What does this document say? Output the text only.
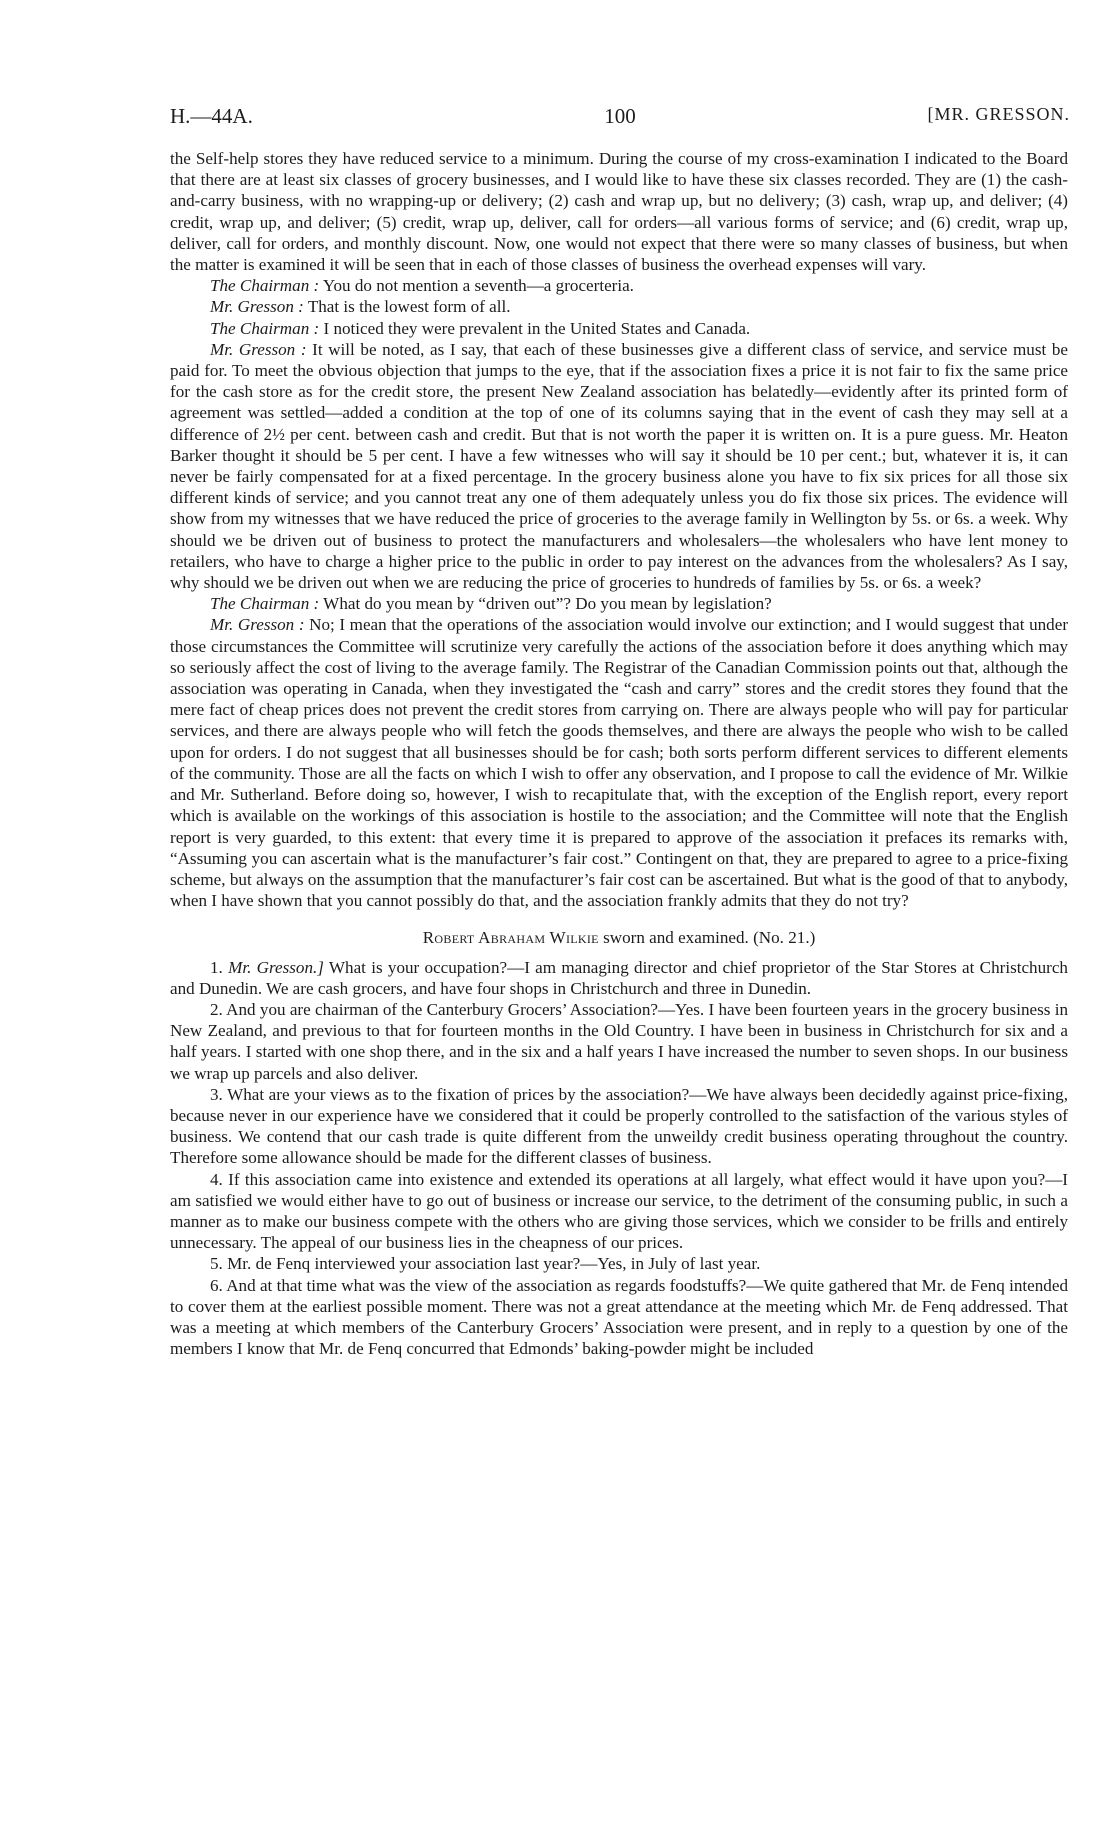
H.—44A.	100	[MR. GRESSON.

the Self-help stores they have reduced service to a minimum. During the course of my cross-examination I indicated to the Board that there are at least six classes of grocery businesses, and I would like to have these six classes recorded. They are (1) the cash-and-carry business, with no wrapping-up or delivery; (2) cash and wrap up, but no delivery; (3) cash, wrap up, and deliver; (4) credit, wrap up, and deliver; (5) credit, wrap up, deliver, call for orders—all various forms of service; and (6) credit, wrap up, deliver, call for orders, and monthly discount. Now, one would not expect that there were so many classes of business, but when the matter is examined it will be seen that in each of those classes of business the overhead expenses will vary.

The Chairman : You do not mention a seventh—a grocerteria.

Mr. Gresson : That is the lowest form of all.

The Chairman : I noticed they were prevalent in the United States and Canada.

Mr. Gresson : It will be noted, as I say, that each of these businesses give a different class of service, and service must be paid for. To meet the obvious objection that jumps to the eye, that if the association fixes a price it is not fair to fix the same price for the cash store as for the credit store, the present New Zealand association has belatedly—evidently after its printed form of agreement was settled—added a condition at the top of one of its columns saying that in the event of cash they may sell at a difference of 2½ per cent. between cash and credit. But that is not worth the paper it is written on. It is a pure guess. Mr. Heaton Barker thought it should be 5 per cent. I have a few witnesses who will say it should be 10 per cent.; but, whatever it is, it can never be fairly compensated for at a fixed percentage. In the grocery business alone you have to fix six prices for all those six different kinds of service; and you cannot treat any one of them adequately unless you do fix those six prices. The evidence will show from my witnesses that we have reduced the price of groceries to the average family in Wellington by 5s. or 6s. a week. Why should we be driven out of business to protect the manufacturers and wholesalers—the wholesalers who have lent money to retailers, who have to charge a higher price to the public in order to pay interest on the advances from the wholesalers? As I say, why should we be driven out when we are reducing the price of groceries to hundreds of families by 5s. or 6s. a week?

The Chairman : What do you mean by “driven out”? Do you mean by legislation?

Mr. Gresson : No; I mean that the operations of the association would involve our extinction; and I would suggest that under those circumstances the Committee will scrutinize very carefully the actions of the association before it does anything which may so seriously affect the cost of living to the average family. The Registrar of the Canadian Commission points out that, although the association was operating in Canada, when they investigated the “cash and carry” stores and the credit stores they found that the mere fact of cheap prices does not prevent the credit stores from carrying on. There are always people who will pay for particular services, and there are always people who will fetch the goods themselves, and there are always the people who wish to be called upon for orders. I do not suggest that all businesses should be for cash; both sorts perform different services to different elements of the community. Those are all the facts on which I wish to offer any observation, and I propose to call the evidence of Mr. Wilkie and Mr. Sutherland. Before doing so, however, I wish to recapitulate that, with the exception of the English report, every report which is available on the workings of this association is hostile to the association; and the Committee will note that the English report is very guarded, to this extent: that every time it is prepared to approve of the association it prefaces its remarks with, “Assuming you can ascertain what is the manufacturer’s fair cost.” Contingent on that, they are prepared to agree to a price-fixing scheme, but always on the assumption that the manufacturer’s fair cost can be ascertained. But what is the good of that to anybody, when I have shown that you cannot possibly do that, and the association frankly admits that they do not try?

Robert Abraham Wilkie sworn and examined. (No. 21.)

1. Mr. Gresson.] What is your occupation?—I am managing director and chief proprietor of the Star Stores at Christchurch and Dunedin. We are cash grocers, and have four shops in Christchurch and three in Dunedin.

2. And you are chairman of the Canterbury Grocers’ Association?—Yes. I have been fourteen years in the grocery business in New Zealand, and previous to that for fourteen months in the Old Country. I have been in business in Christchurch for six and a half years. I started with one shop there, and in the six and a half years I have increased the number to seven shops. In our business we wrap up parcels and also deliver.

3. What are your views as to the fixation of prices by the association?—We have always been decidedly against price-fixing, because never in our experience have we considered that it could be properly controlled to the satisfaction of the various styles of business. We contend that our cash trade is quite different from the unweildy credit business operating throughout the country. Therefore some allowance should be made for the different classes of business.

4. If this association came into existence and extended its operations at all largely, what effect would it have upon you?—I am satisfied we would either have to go out of business or increase our service, to the detriment of the consuming public, in such a manner as to make our business compete with the others who are giving those services, which we consider to be frills and entirely unnecessary. The appeal of our business lies in the cheapness of our prices.

5. Mr. de Fenq interviewed your association last year?—Yes, in July of last year.

6. And at that time what was the view of the association as regards foodstuffs?—We quite gathered that Mr. de Fenq intended to cover them at the earliest possible moment. There was not a great attendance at the meeting which Mr. de Fenq addressed. That was a meeting at which members of the Canterbury Grocers’ Association were present, and in reply to a question by one of the members I know that Mr. de Fenq concurred that Edmonds’ baking-powder might be included
